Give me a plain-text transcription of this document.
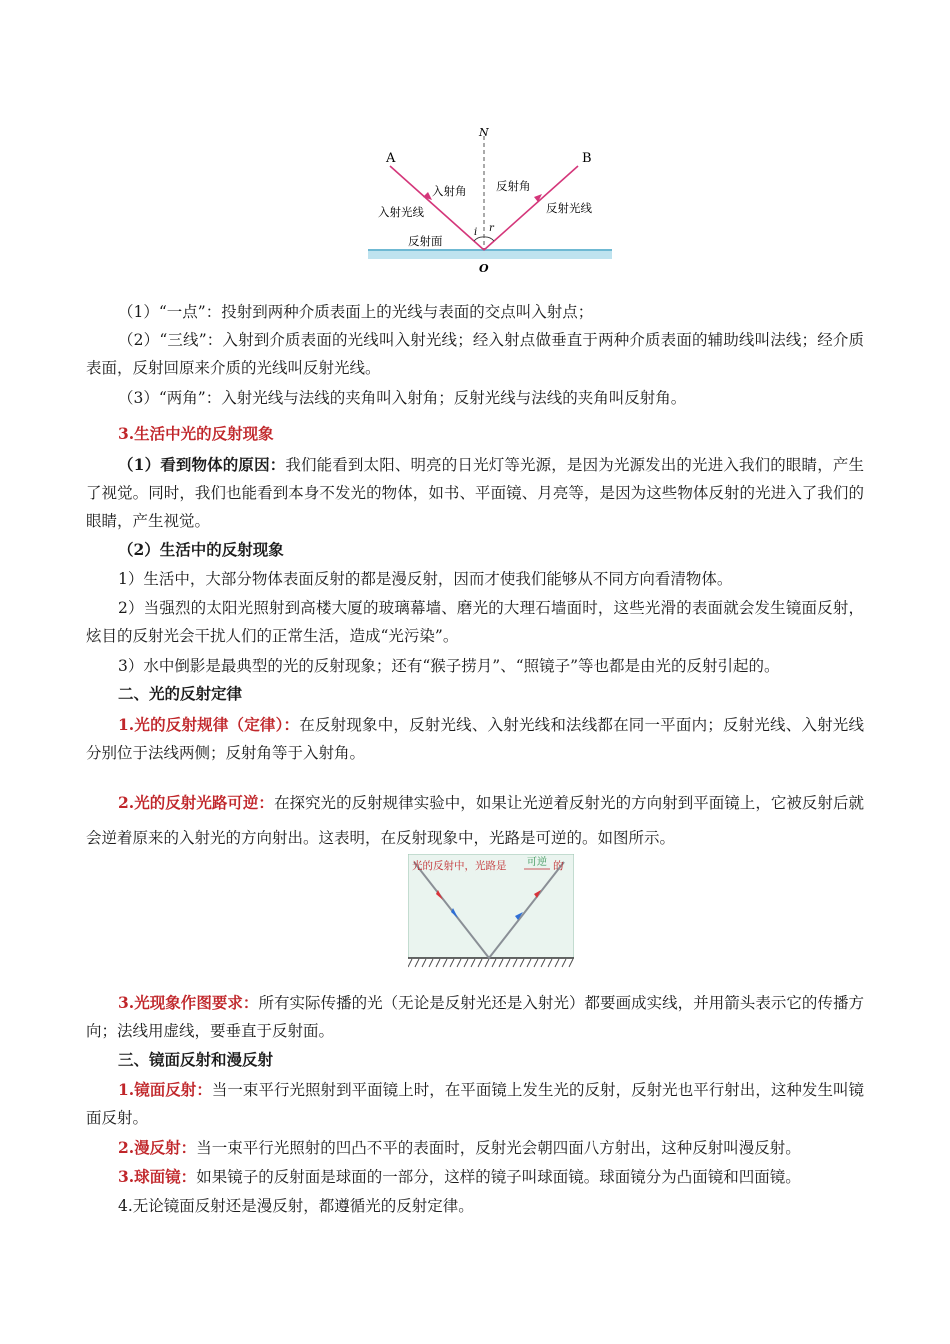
N
A	B
O
i r
入射角	反射角
入射光线	反射光线
反射面

（1）“一点”：投射到两种介质表面上的光线与表面的交点叫入射点；

（2）“三线”：入射到介质表面的光线叫入射光线；经入射点做垂直于两种介质表面的辅助线叫法线；经介质表面，反射回原来介质的光线叫反射光线。

（3）“两角”：入射光线与法线的夹角叫入射角；反射光线与法线的夹角叫反射角。

3.生活中光的反射现象

（1）看到物体的原因：我们能看到太阳、明亮的日光灯等光源，是因为光源发出的光进入我们的眼睛，产生了视觉。同时，我们也能看到本身不发光的物体，如书、平面镜、月亮等，是因为这些物体反射的光进入了我们的眼睛，产生视觉。

（2）生活中的反射现象

1）生活中，大部分物体表面反射的都是漫反射，因而才使我们能够从不同方向看清物体。

2）当强烈的太阳光照射到高楼大厦的玻璃幕墙、磨光的大理石墙面时，这些光滑的表面就会发生镜面反射，炫目的反射光会干扰人们的正常生活，造成“光污染”。

3）水中倒影是最典型的光的反射现象；还有“猴子捞月”、“照镜子”等也都是由光的反射引起的。

二、光的反射定律

1.光的反射规律（定律）：在反射现象中，反射光线、入射光线和法线都在同一平面内；反射光线、入射光线分别位于法线两侧；反射角等于入射角。

2.光的反射光路可逆：在探究光的反射规律实验中，如果让光逆着反射光的方向射到平面镜上，它被反射后就会逆着原来的入射光的方向射出。这表明，在反射现象中，光路是可逆的。如图所示。

光的反射中，光路是 可逆 的

3.光现象作图要求：所有实际传播的光（无论是反射光还是入射光）都要画成实线，并用箭头表示它的传播方向；法线用虚线，要垂直于反射面。

三、镜面反射和漫反射

1.镜面反射：当一束平行光照射到平面镜上时，在平面镜上发生光的反射，反射光也平行射出，这种发生叫镜面反射。

2.漫反射：当一束平行光照射的凹凸不平的表面时，反射光会朝四面八方射出，这种反射叫漫反射。

3.球面镜：如果镜子的反射面是球面的一部分，这样的镜子叫球面镜。球面镜分为凸面镜和凹面镜。

4.无论镜面反射还是漫反射，都遵循光的反射定律。
